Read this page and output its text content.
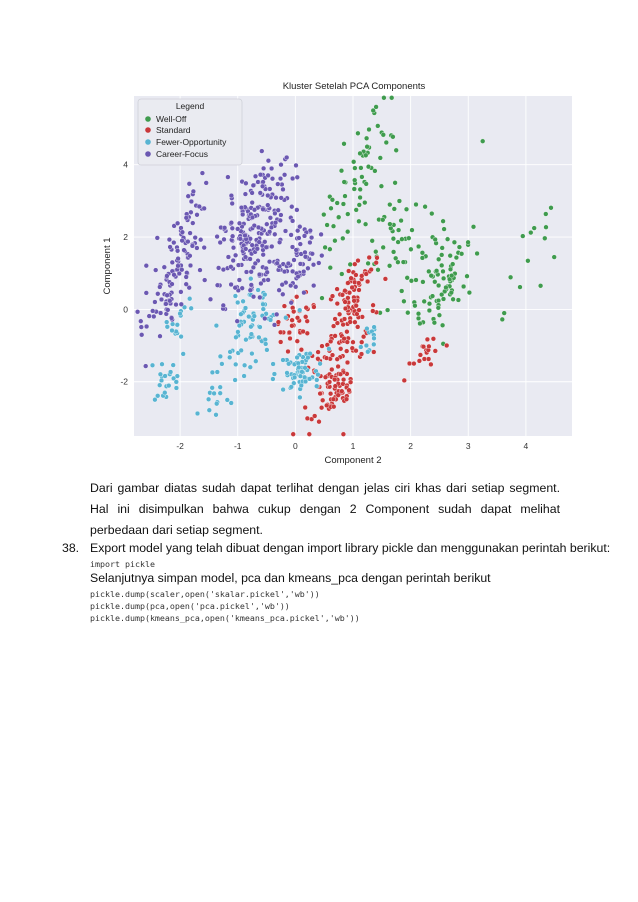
Kluster Setelah PCA Components
-2	-1	0	1	2	3	4
-2
0
2
4
Component 2
Component 1
Legend
Well-Off
Standard
Fewer-Opportunity
Career-Focus
Dari gambar diatas sudah dapat terlihat dengan jelas ciri khas dari setiap segment. Hal ini disimpulkan bahwa cukup dengan 2 Component sudah dapat melihat perbedaan dari setiap segment.
38. Export model yang telah dibuat dengan import library pickle dan menggunakan perintah berikut:
import pickle
Selanjutnya simpan model, pca dan kmeans_pca dengan perintah berikut
pickle.dump(scaler,open('skalar.pickel','wb'))
pickle.dump(pca,open('pca.pickel','wb'))
pickle.dump(kmeans_pca,open('kmeans_pca.pickel','wb'))
